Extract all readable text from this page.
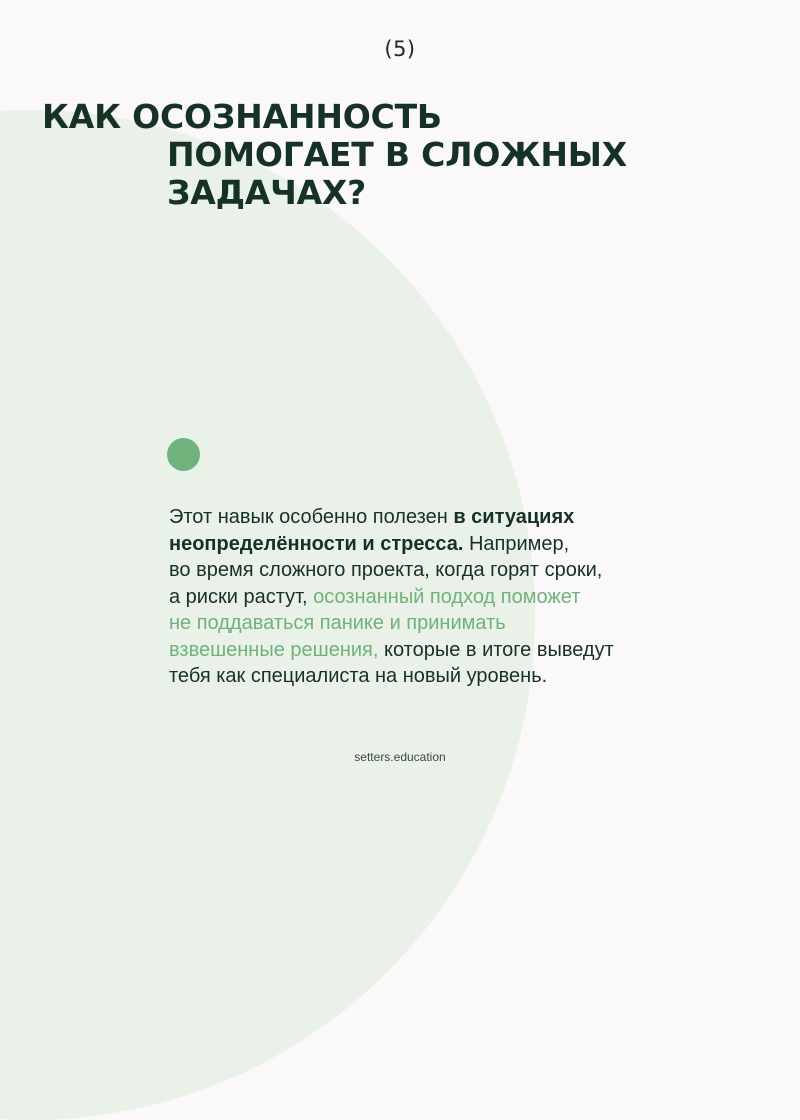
(5)
КАК ОСОЗНАННОСТЬ
ПОМОГАЕТ В СЛОЖНЫХ
ЗАДАЧАХ?

Этот навык особенно полезен в ситуациях
неопределённости и стресса. Например,
во время сложного проекта, когда горят сроки,
а риски растут, осознанный подход поможет
не поддаваться панике и принимать
взвешенные решения, которые в итоге выведут
тебя как специалиста на новый уровень.

setters.education
